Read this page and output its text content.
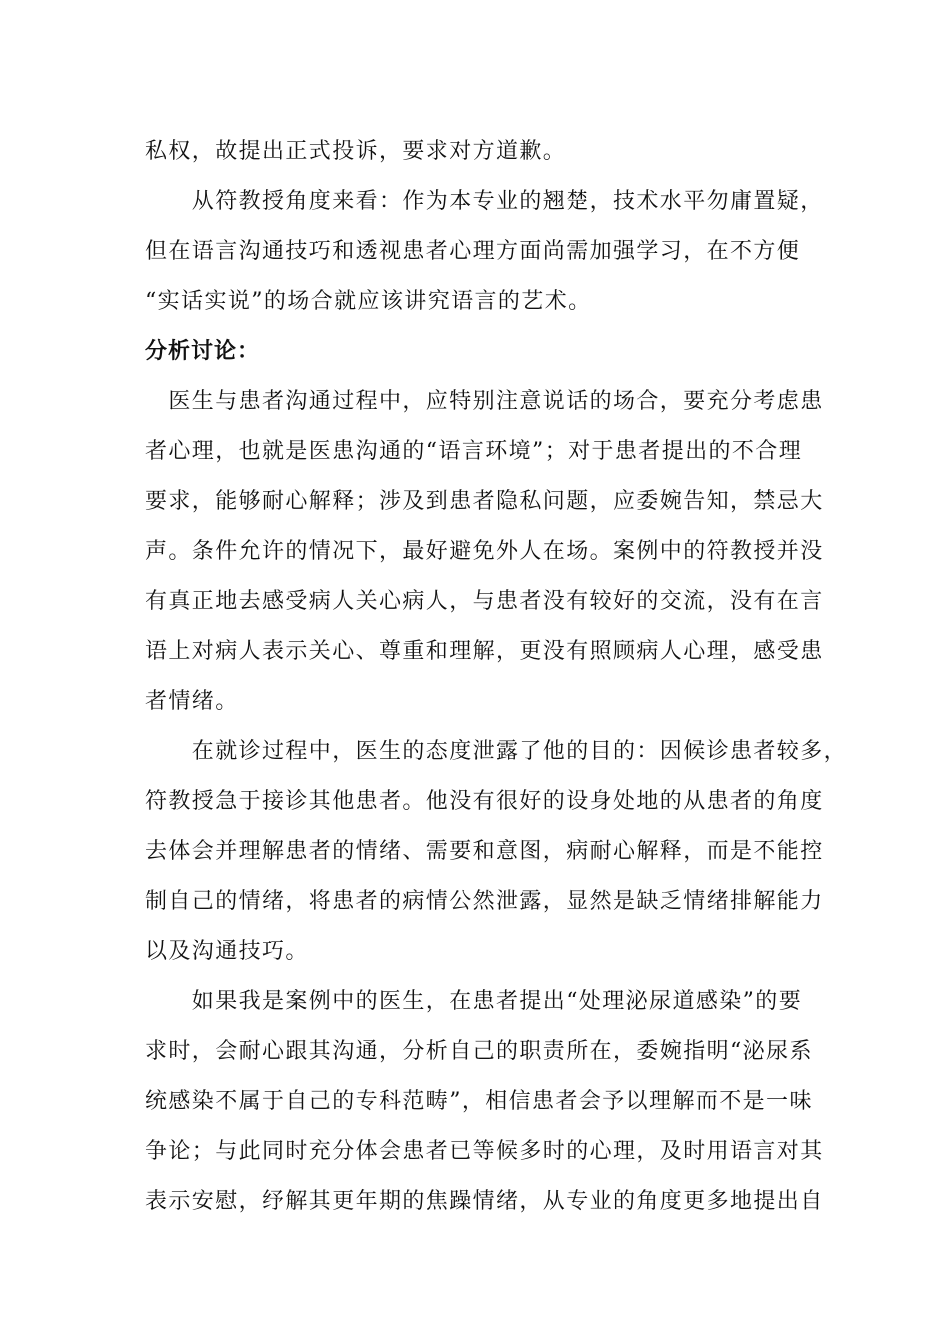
私权，故提出正式投诉，要求对方道歉。
　　从符教授角度来看：作为本专业的翘楚，技术水平勿庸置疑，
但在语言沟通技巧和透视患者心理方面尚需加强学习，在不方便
“实话实说”的场合就应该讲究语言的艺术。
分析讨论：
　医生与患者沟通过程中，应特别注意说话的场合，要充分考虑患
者心理，也就是医患沟通的“语言环境”；对于患者提出的不合理
要求，能够耐心解释；涉及到患者隐私问题，应委婉告知，禁忌大
声。条件允许的情况下，最好避免外人在场。案例中的符教授并没
有真正地去感受病人关心病人，与患者没有较好的交流，没有在言
语上对病人表示关心、尊重和理解，更没有照顾病人心理，感受患
者情绪。
　　在就诊过程中，医生的态度泄露了他的目的：因候诊患者较多，
符教授急于接诊其他患者。他没有很好的设身处地的从患者的角度
去体会并理解患者的情绪、需要和意图，病耐心解释，而是不能控
制自己的情绪，将患者的病情公然泄露，显然是缺乏情绪排解能力
以及沟通技巧。
　　如果我是案例中的医生，在患者提出“处理泌尿道感染”的要
求时，会耐心跟其沟通，分析自己的职责所在，委婉指明“泌尿系
统感染不属于自己的专科范畴”，相信患者会予以理解而不是一味
争论；与此同时充分体会患者已等候多时的心理，及时用语言对其
表示安慰，纾解其更年期的焦躁情绪，从专业的角度更多地提出自
